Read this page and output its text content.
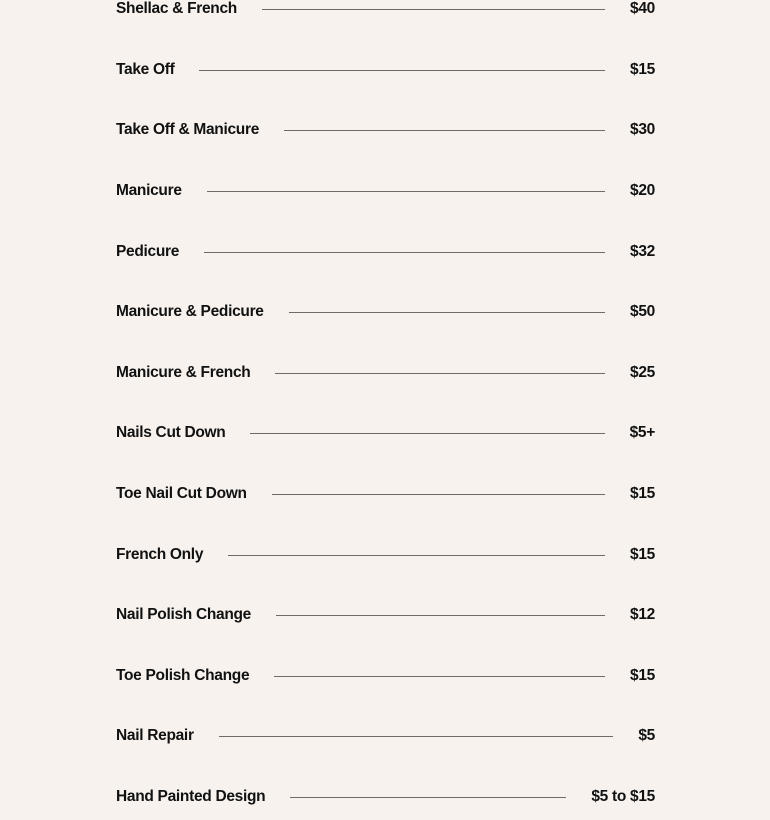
Shellac & French	$40
Take Off	$15
Take Off & Manicure	$30
Manicure	$20
Pedicure	$32
Manicure & Pedicure	$50
Manicure & French	$25
Nails Cut Down	$5+
Toe Nail Cut Down	$15
French Only	$15
Nail Polish Change	$12
Toe Polish Change	$15
Nail Repair	$5
Hand Painted Design	$5 to $15
